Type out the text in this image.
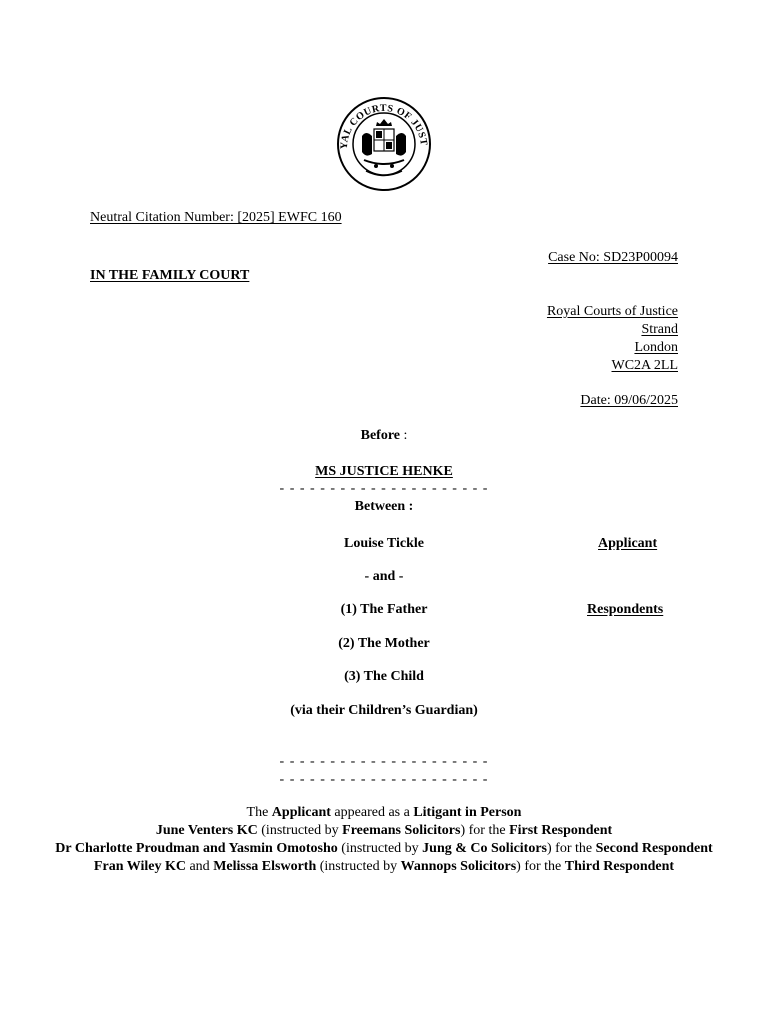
YAL COURTS OF JUST
Neutral Citation Number: [2025] EWFC 160
Case No: SD23P00094
IN THE FAMILY COURT
Royal Courts of Justice
Strand
London
WC2A 2LL
Date: 09/06/2025
Before :
MS JUSTICE HENKE
- - - - - - - - - - - - - - - - - - - - -
Between :
Louise Tickle	Applicant
- and -
(1) The Father	Respondents
(2) The Mother
(3) The Child
(via their Children’s Guardian)
- - - - - - - - - - - - - - - - - - - - -
- - - - - - - - - - - - - - - - - - - - -
The Applicant appeared as a Litigant in Person
June Venters KC (instructed by Freemans Solicitors) for the First Respondent
Dr Charlotte Proudman and Yasmin Omotosho (instructed by Jung & Co Solicitors) for the Second Respondent
Fran Wiley KC and Melissa Elsworth (instructed by Wannops Solicitors) for the Third Respondent
